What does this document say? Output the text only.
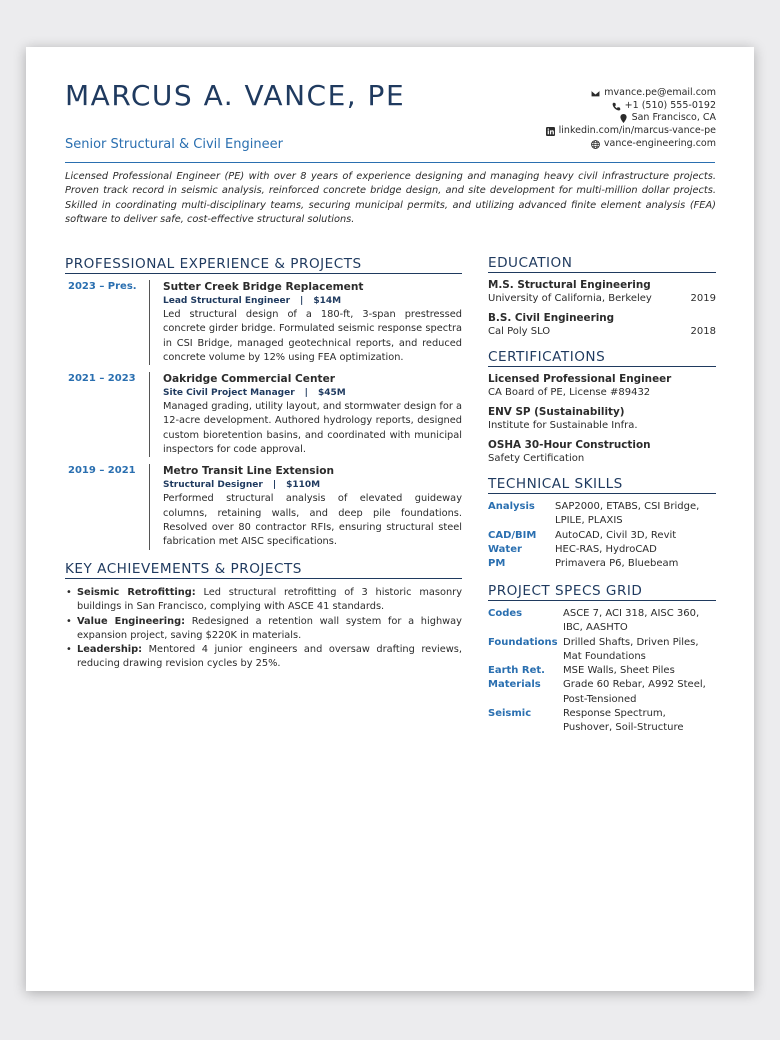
MARCUS A. VANCE, PE
Senior Structural & Civil Engineer
mvance.pe@email.com
+1 (510) 555-0192
San Francisco, CA
linkedin.com/in/marcus-vance-pe
vance-engineering.com
Licensed Professional Engineer (PE) with over 8 years of experience designing and managing heavy civil infrastructure projects. Proven track record in seismic analysis, reinforced concrete bridge design, and site development for multi-million dollar projects. Skilled in coordinating multi-disciplinary teams, securing municipal permits, and utilizing advanced finite element analysis (FEA) software to deliver safe, cost-effective structural solutions.
PROFESSIONAL EXPERIENCE & PROJECTS
2023 – Pres.	Sutter Creek Bridge Replacement
Lead Structural Engineer | $14M
Led structural design of a 180-ft, 3-span prestressed concrete girder bridge. Formulated seismic response spectra in CSI Bridge, managed geotechnical reports, and reduced concrete volume by 12% using FEA optimization.
2021 – 2023	Oakridge Commercial Center
Site Civil Project Manager | $45M
Managed grading, utility layout, and stormwater design for a 12-acre development. Authored hydrology reports, designed custom bioretention basins, and coordinated with municipal inspectors for code approval.
2019 – 2021	Metro Transit Line Extension
Structural Designer | $110M
Performed structural analysis of elevated guideway columns, retaining walls, and deep pile foundations. Resolved over 80 contractor RFIs, ensuring structural steel fabrication met AISC specifications.
KEY ACHIEVEMENTS & PROJECTS
• Seismic Retrofitting: Led structural retrofitting of 3 historic masonry buildings in San Francisco, complying with ASCE 41 standards.
• Value Engineering: Redesigned a retention wall system for a highway expansion project, saving $220K in materials.
• Leadership: Mentored 4 junior engineers and oversaw drafting reviews, reducing drawing revision cycles by 25%.
EDUCATION
M.S. Structural Engineering
University of California, Berkeley	2019
B.S. Civil Engineering
Cal Poly SLO	2018
CERTIFICATIONS
Licensed Professional Engineer
CA Board of PE, License #89432
ENV SP (Sustainability)
Institute for Sustainable Infra.
OSHA 30-Hour Construction
Safety Certification
TECHNICAL SKILLS
Analysis	SAP2000, ETABS, CSI Bridge, LPILE, PLAXIS
CAD/BIM	AutoCAD, Civil 3D, Revit
Water	HEC-RAS, HydroCAD
PM	Primavera P6, Bluebeam
PROJECT SPECS GRID
Codes	ASCE 7, ACI 318, AISC 360, IBC, AASHTO
Foundations Drilled Shafts, Driven Piles, Mat Foundations
Earth Ret.	MSE Walls, Sheet Piles
Materials	Grade 60 Rebar, A992 Steel, Post-Tensioned
Seismic	Response Spectrum, Pushover, Soil-Structure
